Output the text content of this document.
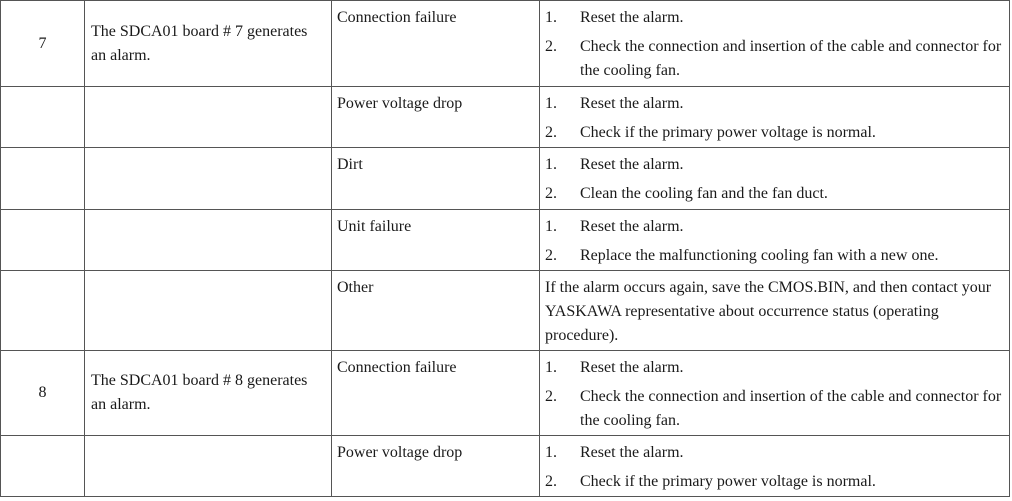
7	The SDCA01 board # 7 generates an alarm.	Connection failure	1. Reset the alarm.
2. Check the connection and insertion of the cable and connector for the cooling fan.

		Power voltage drop	1. Reset the alarm.
2. Check if the primary power voltage is normal.

		Dirt	1. Reset the alarm.
2. Clean the cooling fan and the fan duct.

		Unit failure	1. Reset the alarm.
2. Replace the malfunctioning cooling fan with a new one.

		Other	If the alarm occurs again, save the CMOS.BIN, and then contact your YASKAWA representative about occurrence status (operating procedure).

8	The SDCA01 board # 8 generates an alarm.	Connection failure	1. Reset the alarm.
2. Check the connection and insertion of the cable and connector for the cooling fan.

		Power voltage drop	1. Reset the alarm.
2. Check if the primary power voltage is normal.
